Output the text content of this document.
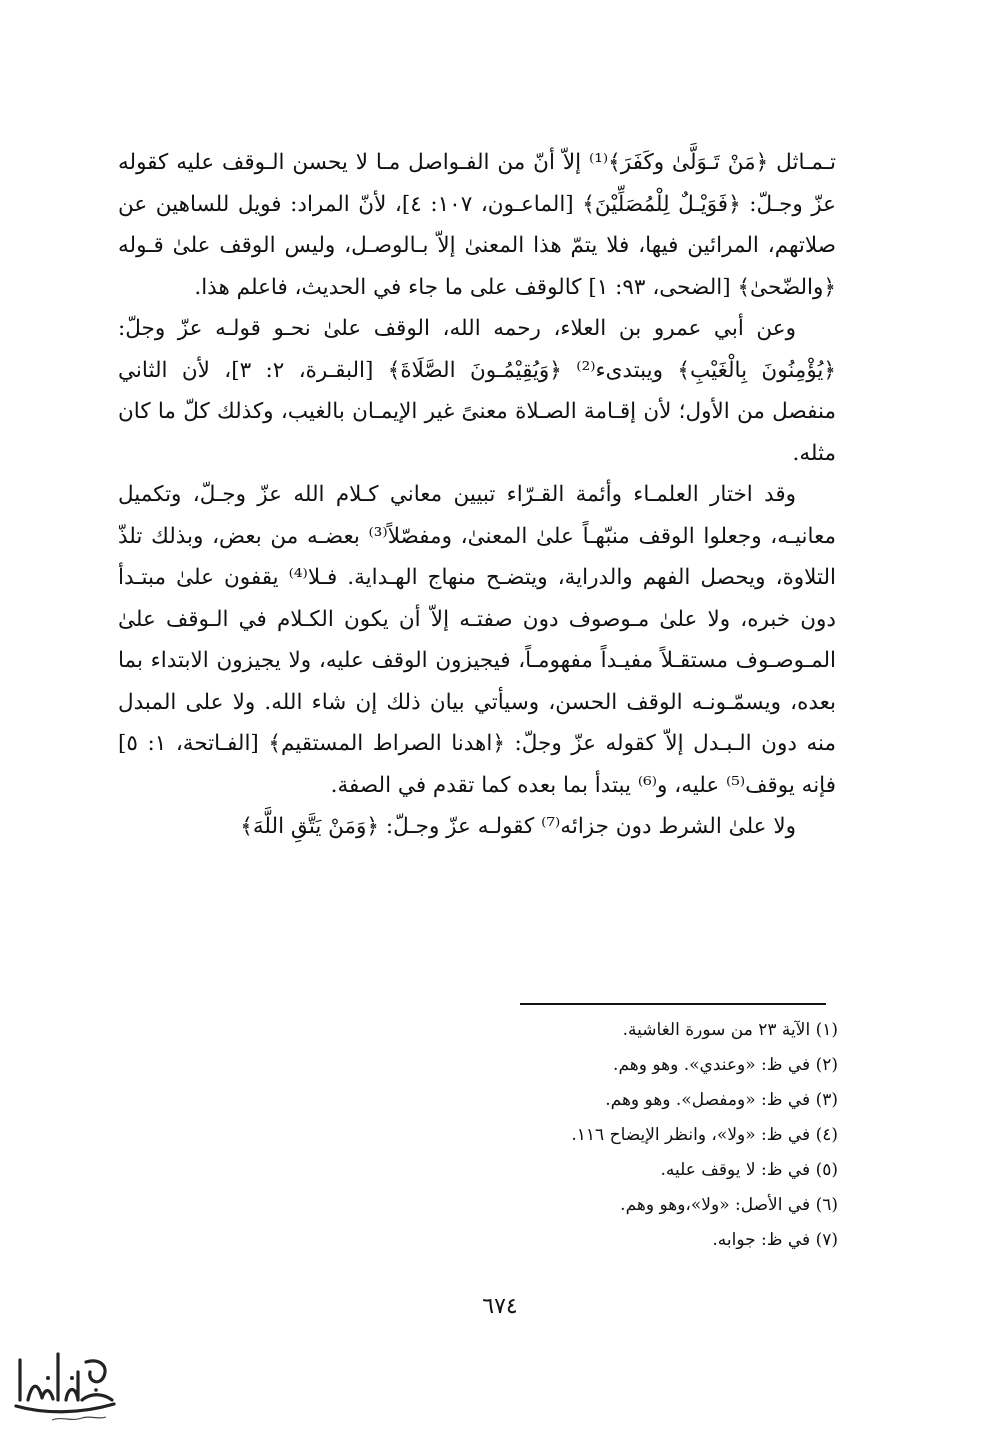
تـمـاثل ﴿مَنْ تَـوَلَّىٰ وكَفَرَ﴾⁽¹⁾ إلاّ أنّ من الفـواصل مـا لا يحسن الـوقف عليه كقوله عزّ وجـلّ: ﴿فَوَيْـلٌ لِلْمُصَلِّيْنَ﴾ [الماعـون، ١٠٧: ٤]، لأنّ المراد: فويل للساهين عن صلاتهم، المرائين فيها، فلا يتمّ هذا المعنىٰ إلاّ بـالوصـل، وليس الوقف علىٰ قـوله ﴿والضّحىٰ﴾ [الضحى، ٩٣: ١] كالوقف على ما جاء في الحديث، فاعلم هذا.

وعن أبي عمرو بن العلاء، رحمه الله، الوقف علىٰ نحـو قولـه عزّ وجلّ: ﴿يُؤْمِنُونَ بِالْغَيْبِ﴾ ويبتدىء⁽²⁾ ﴿وَيُقِيْمُـونَ الصَّلَاةَ﴾ [البقـرة، ٢: ٣]، لأن الثاني منفصل من الأول؛ لأن إقـامة الصـلاة معنىً غير الإيمـان بالغيب، وكذلك كلّ ما كان مثله.

وقد اختار العلمـاء وأئمة القـرّاء تبيين معاني كـلام الله عزّ وجـلّ، وتكميل معانيـه، وجعلوا الوقف منبّهـاً علىٰ المعنىٰ، ومفصّلاً⁽³⁾ بعضـه من بعض، وبذلك تلذّ التلاوة، ويحصل الفهم والدراية، ويتضـح منهاج الهـداية. فـلا⁽⁴⁾ يقفون علىٰ مبتـدأ دون خبره، ولا علىٰ مـوصوف دون صفتـه إلاّ أن يكون الكـلام في الـوقف علىٰ المـوصـوف مستقـلاً مفيـداً مفهومـاً، فيجيزون الوقف عليه، ولا يجيزون الابتداء بما بعده، ويسمّـونـه الوقف الحسن، وسيأتي بيان ذلك إن شاء الله. ولا على المبدل منه دون الـبـدل إلاّ كقوله عزّ وجلّ: ﴿اهدنا الصراط المستقيم﴾ [الفـاتحة، ١: ٥] فإنه يوقف⁽⁵⁾ عليه، و⁽⁶⁾ يبتدأ بما بعده كما تقدم في الصفة.

ولا علىٰ الشرط دون جزائه⁽⁷⁾ كقولـه عزّ وجـلّ: ﴿وَمَنْ يَتَّقِ اللَّهَ﴾

(١) الآية ٢٣ من سورة الغاشية.
(٢) في ظ: «وعندي». وهو وهم.
(٣) في ظ: «ومفصل». وهو وهم.
(٤) في ظ: «ولا»، وانظر الإيضاح ١١٦.
(٥) في ظ: لا يوقف عليه.
(٦) في الأصل: «ولا»،وهو وهم.
(٧) في ظ: جوابه.
٦٧٤
